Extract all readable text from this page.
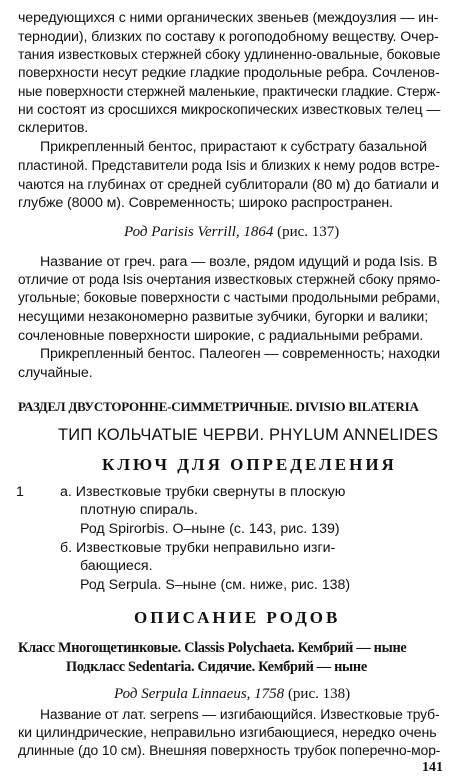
чередующихся с ними органических звеньев (междоузлия — ин-
тернодии), близких по составу к рогоподобному веществу. Очер-
тания известковых стержней сбоку удлиненно-овальные, боковые
поверхности несут редкие гладкие продольные ребра. Сочленов-
ные поверхности стержней маленькие, практически гладкие. Стерж-
ни состоят из сросшихся микроскопических известковых телец —
склеритов.
Прикрепленный бентос, прирастают к субстрату базальной
пластиной. Представители рода Isis и близких к нему родов встре-
чаются на глубинах от средней сублиторали (80 м) до батиали и
глубже (8000 м). Современность; широко распространен.
Род Parisis Verrill, 1864 (рис. 137)
Название от греч. para — возле, рядом идущий и рода Isis. В
отличие от рода Isis очертания известковых стержней сбоку прямо-
угольные; боковые поверхности с частыми продольными ребрами,
несущими незакономерно развитые зубчики, бугорки и валики;
сочленовные поверхности широкие, с радиальными ребрами.
Прикрепленный бентос. Палеоген — современность; находки
случайные.
РАЗДЕЛ ДВУСТОРОННЕ-СИММЕТРИЧНЫЕ. DIVISIO BILATERIA
ТИП КОЛЬЧАТЫЕ ЧЕРВИ. PHYLUM ANNELIDES
КЛЮЧ ДЛЯ ОПРЕДЕЛЕНИЯ
1	а. Известковые трубки свернуты в плоскую
плотную спираль.
Род Spirorbis. O–ныне (с. 143, рис. 139)
б. Известковые трубки неправильно изги-
бающиеся.
Род Serpula. S–ныне (см. ниже, рис. 138)
ОПИСАНИЕ РОДОВ
Класс Многощетинковые. Classis Polychaeta. Кембрий — ныне
Подкласс Sedentaria. Сидячие. Кембрий — ныне
Род Serpula Linnaeus, 1758 (рис. 138)
Название от лат. serpens — изгибающийся. Известковые труб-
ки цилиндрические, неправильно изгибающиеся, нередко очень
длинные (до 10 см). Внешняя поверхность трубок поперечно-мор-
141
